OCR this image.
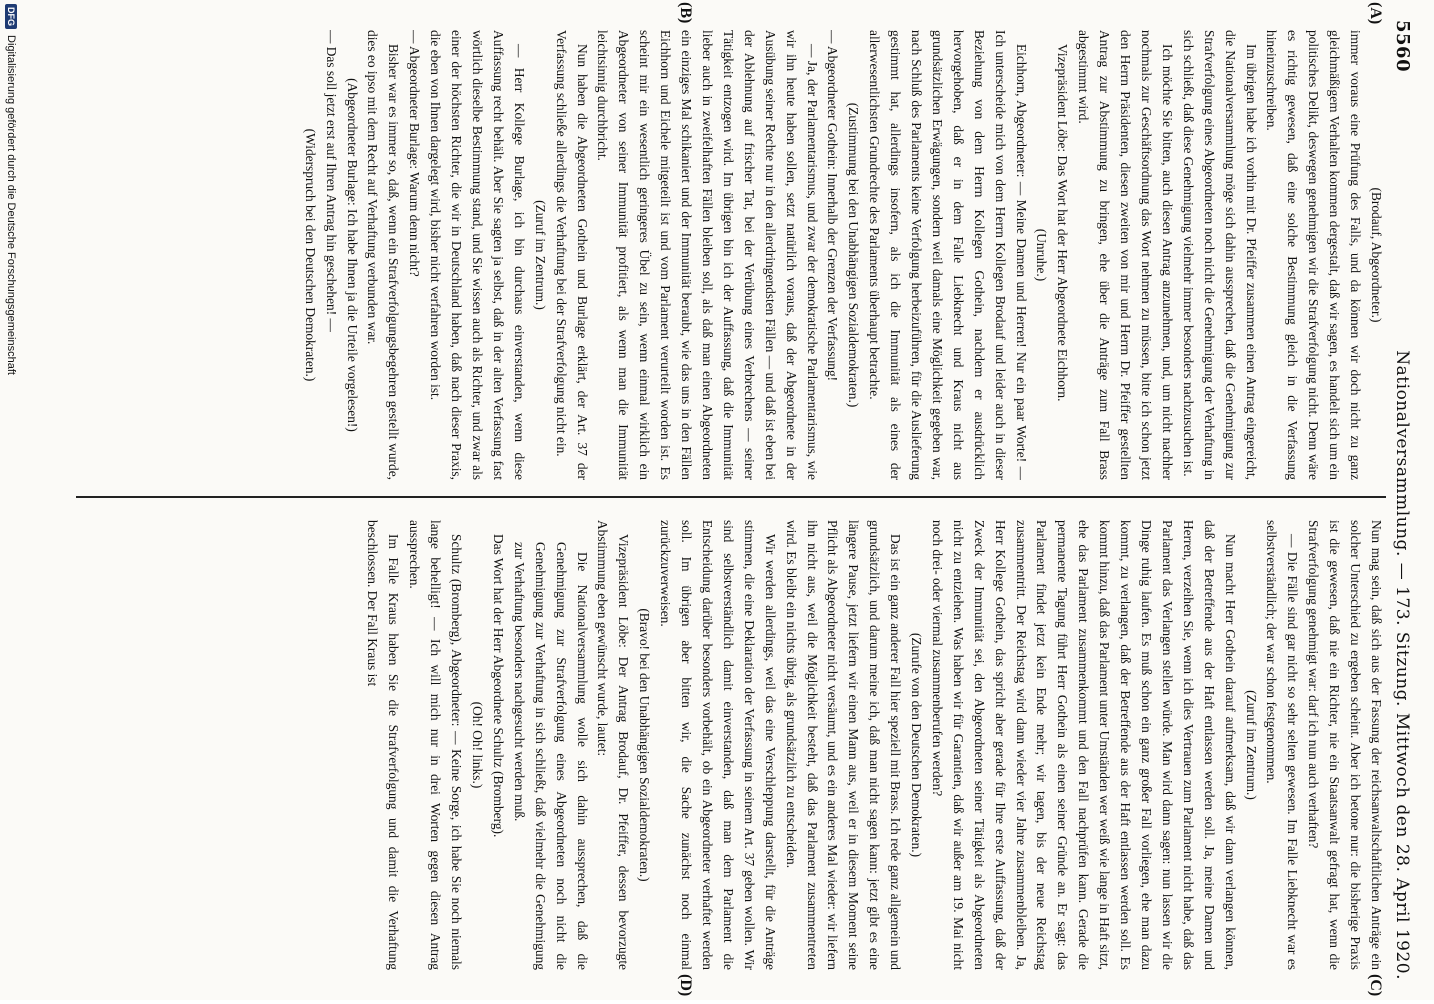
5560
Nationalversammlung. — 173. Sitzung. Mittwoch den 28. April 1920.
(A)
(B)
(C)
(D)

(Brodauf, Abgeordneter.)

immer voraus eine Prüfung des Falls, und da können wir doch nicht zu ganz gleichmäßigem Verhalten kommen dergestalt, daß wir sagen, es handelt sich um ein politisches Delikt, deswegen genehmigen wir die Strafverfolgung nicht. Denn wäre es richtig gewesen, daß eine solche Bestimmung gleich in die Verfassung hineinzuschreiben.

Im übrigen habe ich vorhin mit Dr. Pfeiffer zusammen einen Antrag eingereicht, die Nationalversammlung möge sich dahin aussprechen, daß die Genehmigung zur Strafverfolgung eines Abgeordneten noch nicht die Genehmigung der Verhaftung in sich schließt, daß diese Genehmigung vielmehr immer besonders nachzusuchen ist.

Ich möchte Sie bitten, auch diesen Antrag anzunehmen, und, um nicht nachher nochmals zur Geschäftsordnung das Wort nehmen zu müssen, bitte ich schon jetzt den Herrn Präsidenten, diesen zweiten von mir und Herrn Dr. Pfeiffer gestellten Antrag zur Abstimmung zu bringen, ehe über die Anträge zum Fall Brass abgestimmt wird.

Vizepräsident Löbe: Das Wort hat der Herr Abgeordnete Eichhorn.

(Unruhe.)

Eichhorn, Abgeordneter: — Meine Damen und Herren! Nur ein paar Worte! — Ich unterscheide mich von dem Herrn Kollegen Brodauf und leider auch in dieser Beziehung von dem Herrn Kollegen Gothein, nachdem er ausdrücklich hervorgehoben, daß er in dem Falle Liebknecht und Kraus nicht aus grundsätzlichen Erwägungen, sondern weil damals eine Möglichkeit gegeben war, nach Schluß des Parlaments keine Verfolgung herbeizuführen, für die Auslieferung gestimmt hat, allerdings insofern, als ich die Immunität als eines der allerwesentlichsten Grundrechte des Parlaments überhaupt betrachte.

(Zustimmung bei den Unabhängigen Sozialdemokraten.)

— Abgeordneter Gothein: Innerhalb der Grenzen der Verfassung!

— Ja, der Parlamentarismus, und zwar der demokratische Parlamentarismus, wie wir ihn heute haben sollen, setzt natürlich voraus, daß der Abgeordnete in der Ausübung seiner Rechte nur in den allerdringendsten Fällen — und daß ist eben bei der Ablehnung auf frischer Tat, bei der Verübung eines Verbrechens — seiner Tätigkeit entzogen wird. Im übrigen bin ich der Auffassung, daß die Immunität lieber auch in zweifelhaften Fällen bleiben soll, als daß man einen Abgeordneten ein einziges Mal schikaniert und der Immunität beraubt, wie das uns in den Fällen Eichhorn und Eichele mitgeteilt ist und vom Parlament verurteilt worden ist. Es scheint mir ein wesentlich geringeres Übel zu sein, wenn einmal wirklich ein Abgeordneter von seiner Immunität profitiert, als wenn man die Immunität leichtsinnig durchbricht.

Nun haben die Abgeordneten Gothein und Burlage erklärt, der Art. 37 der Verfassung schließe allerdings die Verhaftung bei der Strafverfolgung nicht ein.

(Zuruf im Zentrum.)

— Herr Kollege Burlage, ich bin durchaus einverstanden, wenn diese Auffassung recht behält. Aber Sie sagten ja selbst, daß in der alten Verfassung fast wörtlich dieselbe Bestimmung stand, und Sie wissen auch als Richter, und zwar als einer der höchsten Richter, die wir in Deutschland haben, daß nach dieser Praxis, die eben von Ihnen dargelegt wird, bisher nicht verfahren worden ist.

— Abgeordneter Burlage: Warum denn nicht?

Bisher war es immer so, daß, wenn ein Strafverfolgungsbegehren gestellt wurde, dies eo ipso mit dem Recht auf Verhaftung verbunden war.

(Abgeordneter Burlage: Ich habe Ihnen ja die Urteile vorgelesen!)

— Das soll jetzt erst auf Ihren Antrag hin geschehen! —

(Widerspruch bei den Deutschen Demokraten.)

Nun mag sein, daß sich aus der Fassung der reichsanwaltschaftlichen Anträge ein solcher Unterschied zu ergeben scheint. Aber ich betone nur: die bisherige Praxis ist die gewesen, daß nie ein Richter, nie ein Staatsanwalt gefragt hat, wenn die Strafverfolgung genehmigt war: darf ich nun auch verhaften?

— Die Fälle sind gar nicht so sehr selten gewesen. Im Falle Liebknecht war es selbstverständlich; der war schon festgenommen.

(Zuruf im Zentrum.)

Nun macht Herr Gothein darauf aufmerksam, daß wir dann verlangen können, daß der Betreffende aus der Haft entlassen werden soll. Ja, meine Damen und Herren, verzeihen Sie, wenn ich dies Vertrauen zum Parlament nicht habe, daß das Parlament das Verlangen stellen würde. Man wird dann sagen: nun lassen wir die Dinge ruhig laufen. Es muß schon ein ganz großer Fall vorliegen, ehe man dazu kommt, zu verlangen, daß der Betreffende aus der Haft entlassen werden soll. Es kommt hinzu, daß das Parlament unter Umständen wer weiß wie lange in Haft sitzt, ehe das Parlament zusammenkommt und den Fall nachprüfen kann. Gerade die permanente Tagung führt Herr Gothein als einen seiner Gründe an. Er sagt: das Parlament findet jetzt kein Ende mehr; wir tagen, bis der neue Reichstag zusammentritt. Der Reichstag wird dann wieder vier Jahre zusammenbleiben. Ja, Herr Kollege Gothein, das spricht aber gerade für Ihre erste Auffassung, daß der Zweck der Immunität sei, den Abgeordneten seiner Tätigkeit als Abgeordneten nicht zu entziehen. Was haben wir für Garantien, daß wir außer am 19. Mai nicht noch drei- oder viermal zusammenberufen werden?

(Zurufe von den Deutschen Demokraten.)

Das ist ein ganz anderer Fall hier speziell mit Brass. Ich rede ganz allgemein und grundsätzlich, und darum meine ich, daß man nicht sagen kann: jetzt gibt es eine längere Pause, jetzt liefern wir einen Mann aus, weil er in diesem Moment seine Pflicht als Abgeordneter nicht versäumt, und es ein anderes Mal wieder: wir liefern ihn nicht aus, weil die Möglichkeit besteht, daß das Parlament zusammentreten wird. Es bleibt ein nichts übrig, als grundsätzlich zu entscheiden.

Wir werden allerdings, weil das eine Verschleppung darstellt, für die Anträge stimmen, die eine Deklaration der Verfassung in seinem Art. 37 geben wollen. Wir sind selbstverständlich damit einverstanden, daß man dem Parlament die Entscheidung darüber besonders vorbehält, ob ein Abgeordneter verhaftet werden soll. Im übrigen aber bitten wir, die Sache zunächst noch einmal zurückzuverweisen.

(Bravo! bei den Unabhängigen Sozialdemokraten.)

Vizepräsident Löbe: Der Antrag Brodauf, Dr. Pfeiffer, dessen bevorzugte Abstimmung eben gewünscht wurde, lautet:

Die Nationalversammlung wolle sich dahin aussprechen, daß die Genehmigung zur Strafverfolgung eines Abgeordneten noch nicht die Genehmigung zur Verhaftung in sich schließt, daß vielmehr die Genehmigung zur Verhaftung besonders nachgesucht werden muß.

Das Wort hat der Herr Abgeordnete Schultz (Bromberg).

(Oh! Oh! links.)

Schultz (Bromberg), Abgeordneter: — Keine Sorge, ich habe Sie noch niemals lange behelligt! — Ich will mich nur in drei Worten gegen diesen Antrag aussprechen.

Im Falle Kraus haben Sie die Strafverfolgung und damit die Verhaftung beschlossen. Der Fall Kraus ist

DFG
Digitalisierung gefördert durch die Deutsche Forschungsgemeinschaft
